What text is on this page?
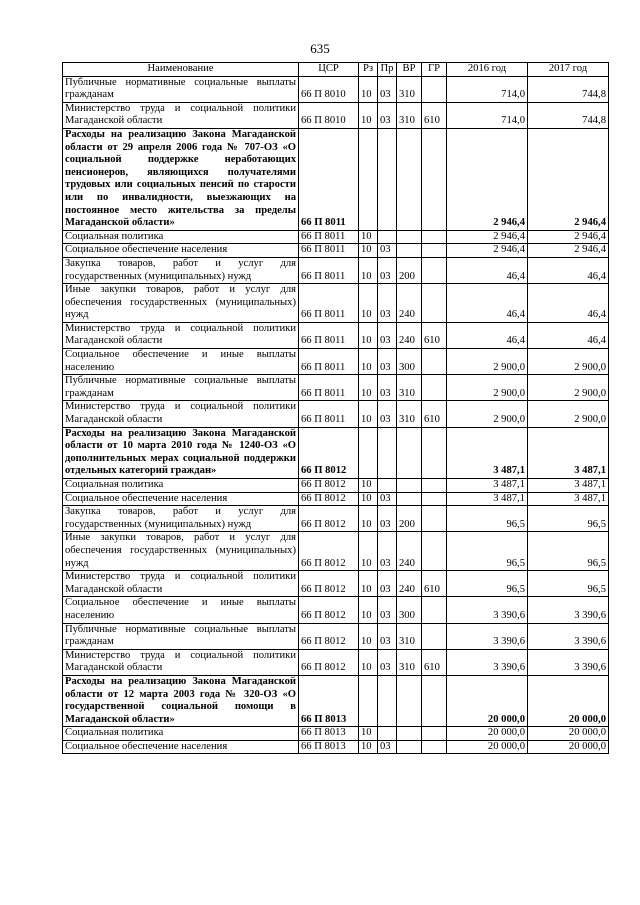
635
Наименование	ЦСР	Рз	Пр	ВР	ГР	2016 год	2017 год
Публичные нормативные социальные выплаты гражданам	66 П 8010	10	03	310		714,0	744,8
Министерство труда и социальной политики Магаданской области	66 П 8010	10	03	310	610	714,0	744,8
Расходы на реализацию Закона Магаданской области от 29 апреля 2006 года № 707-ОЗ «О социальной поддержке неработающих пенсионеров, являющихся получателями трудовых или социальных пенсий по старости или по инвалидности, выезжающих на постоянное место жительства за пределы Магаданской области»	66 П 8011					2 946,4	2 946,4
Социальная политика	66 П 8011	10				2 946,4	2 946,4
Социальное обеспечение населения	66 П 8011	10	03			2 946,4	2 946,4
Закупка товаров, работ и услуг для государственных (муниципальных) нужд	66 П 8011	10	03	200		46,4	46,4
Иные закупки товаров, работ и услуг для обеспечения государственных (муниципальных) нужд	66 П 8011	10	03	240		46,4	46,4
Министерство труда и социальной политики Магаданской области	66 П 8011	10	03	240	610	46,4	46,4
Социальное обеспечение и иные выплаты населению	66 П 8011	10	03	300		2 900,0	2 900,0
Публичные нормативные социальные выплаты гражданам	66 П 8011	10	03	310		2 900,0	2 900,0
Министерство труда и социальной политики Магаданской области	66 П 8011	10	03	310	610	2 900,0	2 900,0
Расходы на реализацию Закона Магаданской области от 10 марта 2010 года № 1240-ОЗ «О дополнительных мерах социальной поддержки отдельных категорий граждан»	66 П 8012					3 487,1	3 487,1
Социальная политика	66 П 8012	10				3 487,1	3 487,1
Социальное обеспечение населения	66 П 8012	10	03			3 487,1	3 487,1
Закупка товаров, работ и услуг для государственных (муниципальных) нужд	66 П 8012	10	03	200		96,5	96,5
Иные закупки товаров, работ и услуг для обеспечения государственных (муниципальных) нужд	66 П 8012	10	03	240		96,5	96,5
Министерство труда и социальной политики Магаданской области	66 П 8012	10	03	240	610	96,5	96,5
Социальное обеспечение и иные выплаты населению	66 П 8012	10	03	300		3 390,6	3 390,6
Публичные нормативные социальные выплаты гражданам	66 П 8012	10	03	310		3 390,6	3 390,6
Министерство труда и социальной политики Магаданской области	66 П 8012	10	03	310	610	3 390,6	3 390,6
Расходы на реализацию Закона Магаданской области от 12 марта 2003 года № 320-ОЗ «О государственной социальной помощи в Магаданской области»	66 П 8013					20 000,0	20 000,0
Социальная политика	66 П 8013	10				20 000,0	20 000,0
Социальное обеспечение населения	66 П 8013	10	03			20 000,0	20 000,0
